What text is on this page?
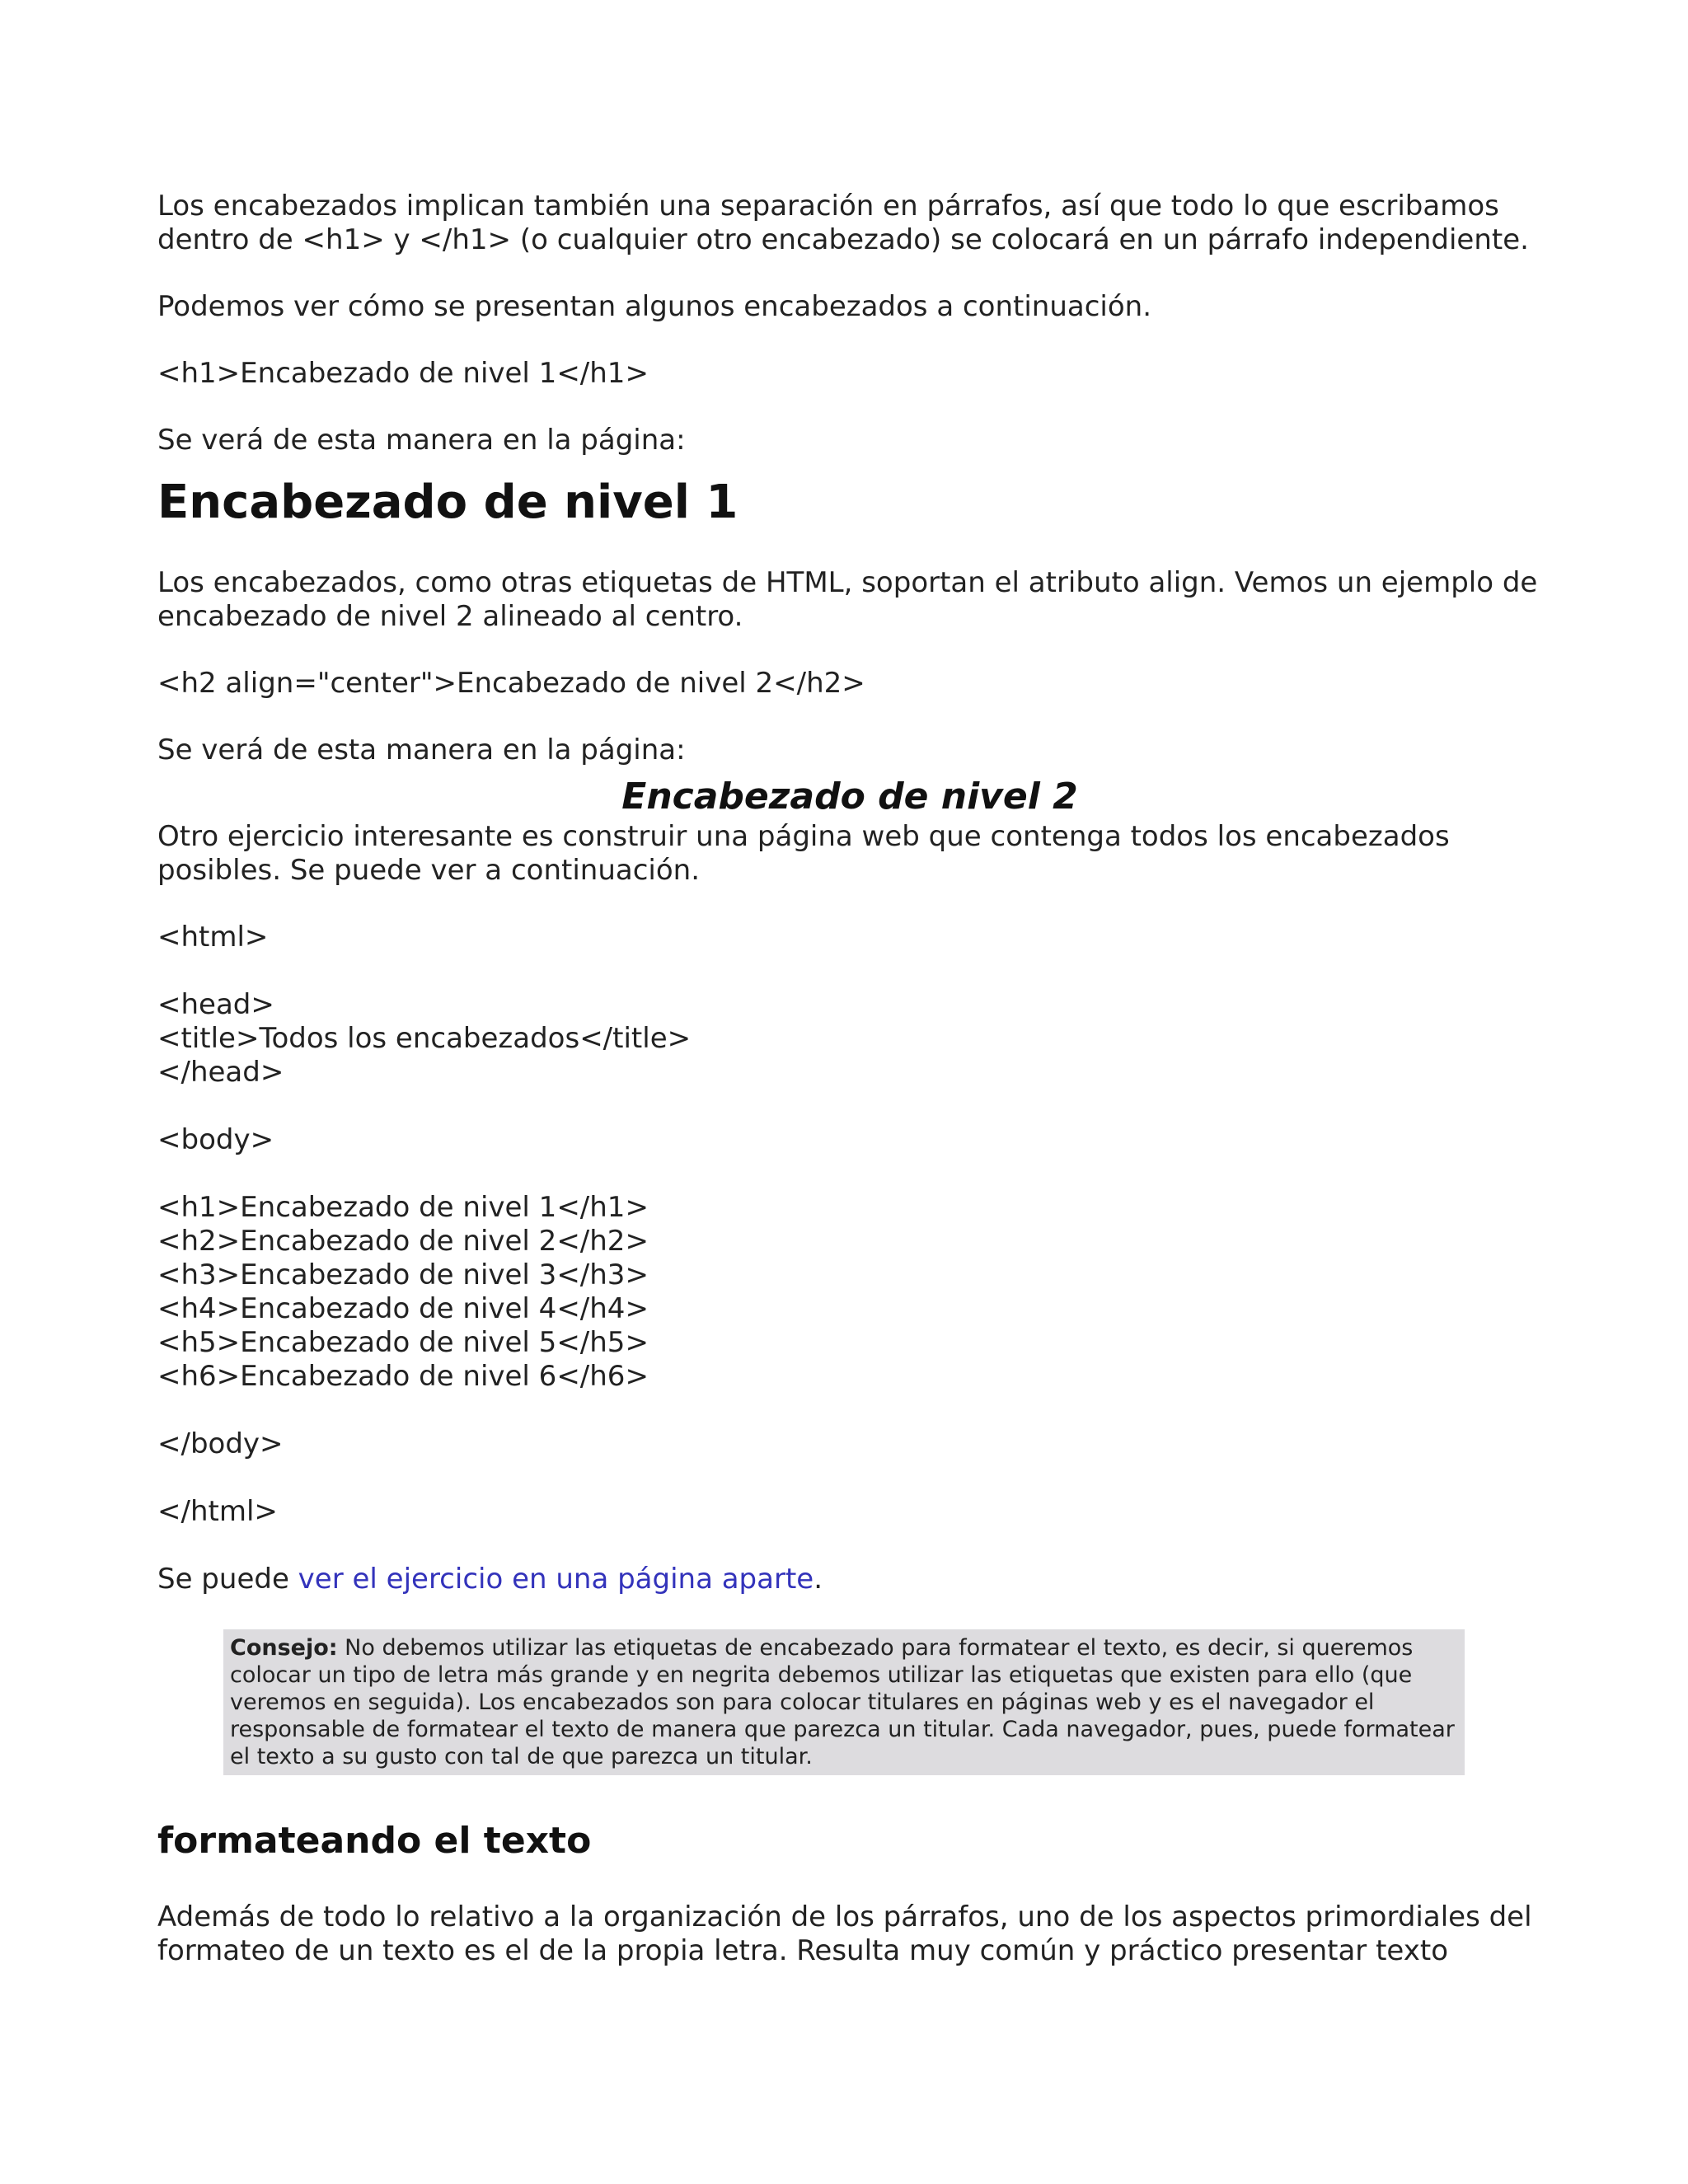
Los encabezados implican también una separación en párrafos, así que todo lo que escribamos dentro de <h1> y </h1> (o cualquier otro encabezado) se colocará en un párrafo independiente.

Podemos ver cómo se presentan algunos encabezados a continuación.

<h1>Encabezado de nivel 1</h1>

Se verá de esta manera en la página:

Encabezado de nivel 1

Los encabezados, como otras etiquetas de HTML, soportan el atributo align. Vemos un ejemplo de encabezado de nivel 2 alineado al centro.

<h2 align="center">Encabezado de nivel 2</h2>

Se verá de esta manera en la página:

Encabezado de nivel 2

Otro ejercicio interesante es construir una página web que contenga todos los encabezados posibles. Se puede ver a continuación.

<html>
<head>
<title>Todos los encabezados</title>
</head>
<body>
<h1>Encabezado de nivel 1</h1>
<h2>Encabezado de nivel 2</h2>
<h3>Encabezado de nivel 3</h3>
<h4>Encabezado de nivel 4</h4>
<h5>Encabezado de nivel 5</h5>
<h6>Encabezado de nivel 6</h6>
</body>
</html>

Se puede ver el ejercicio en una página aparte.

Consejo: No debemos utilizar las etiquetas de encabezado para formatear el texto, es decir, si queremos colocar un tipo de letra más grande y en negrita debemos utilizar las etiquetas que existen para ello (que veremos en seguida). Los encabezados son para colocar titulares en páginas web y es el navegador el responsable de formatear el texto de manera que parezca un titular. Cada navegador, pues, puede formatear el texto a su gusto con tal de que parezca un titular.
formateando el texto

Además de todo lo relativo a la organización de los párrafos, uno de los aspectos primordiales del formateo de un texto es el de la propia letra. Resulta muy común y práctico presentar texto
